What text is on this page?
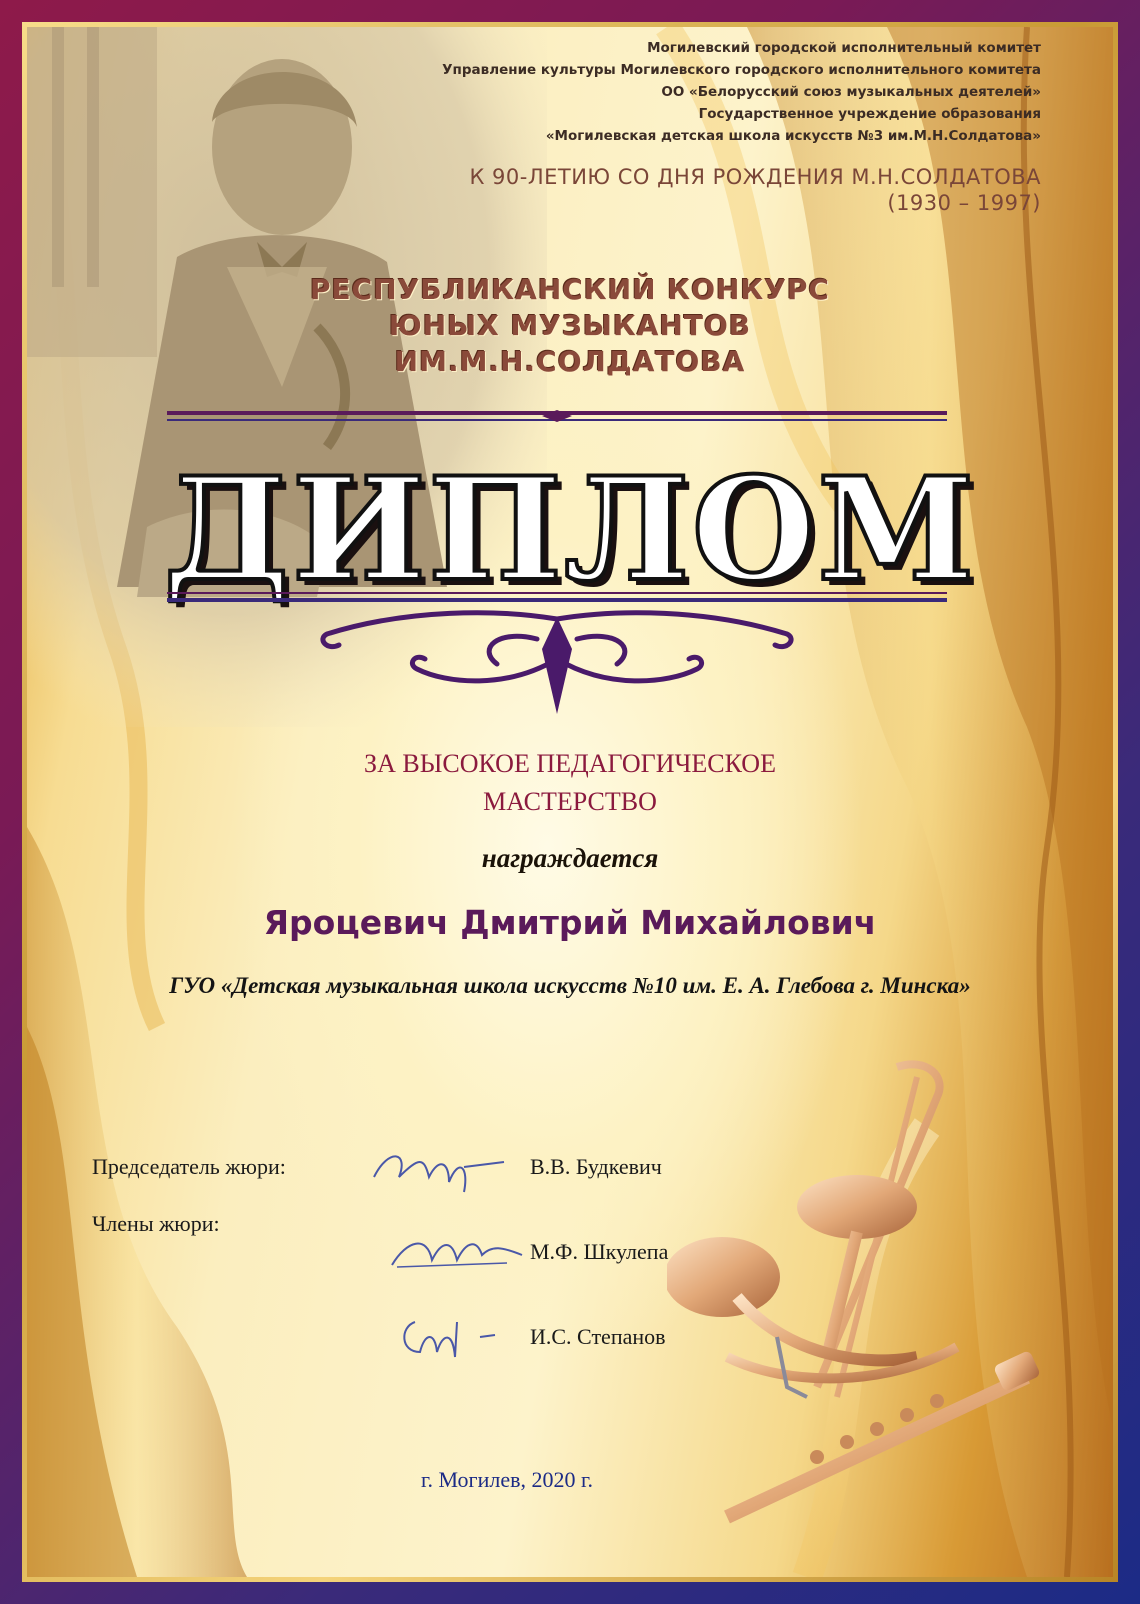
Могилевский городской исполнительный комитет

Управление культуры Могилевского городского исполнительного комитета

ОО «Белорусский союз музыкальных деятелей»

Государственное учреждение образования

«Могилевская детская школа искусств №3 им.М.Н.Солдатова»

К 90-ЛЕТИЮ СО ДНЯ РОЖДЕНИЯ М.Н.СОЛДАТОВА

(1930 – 1997)

РЕСПУБЛИКАНСКИЙ КОНКУРС

ЮНЫХ МУЗЫКАНТОВ

ИМ.М.Н.СОЛДАТОВА

ДИПЛОМ

ЗА ВЫСОКОЕ ПЕДАГОГИЧЕСКОЕ

МАСТЕРСТВО

награждается

Яроцевич Дмитрий Михайлович

ГУО «Детская музыкальная школа искусств №10 им. Е. А. Глебова г. Минска»

Председатель жюри:	В.В. Будкевич

Члены жюри:

М.Ф. Шкулепа

И.С. Степанов

г. Могилев, 2020 г.
